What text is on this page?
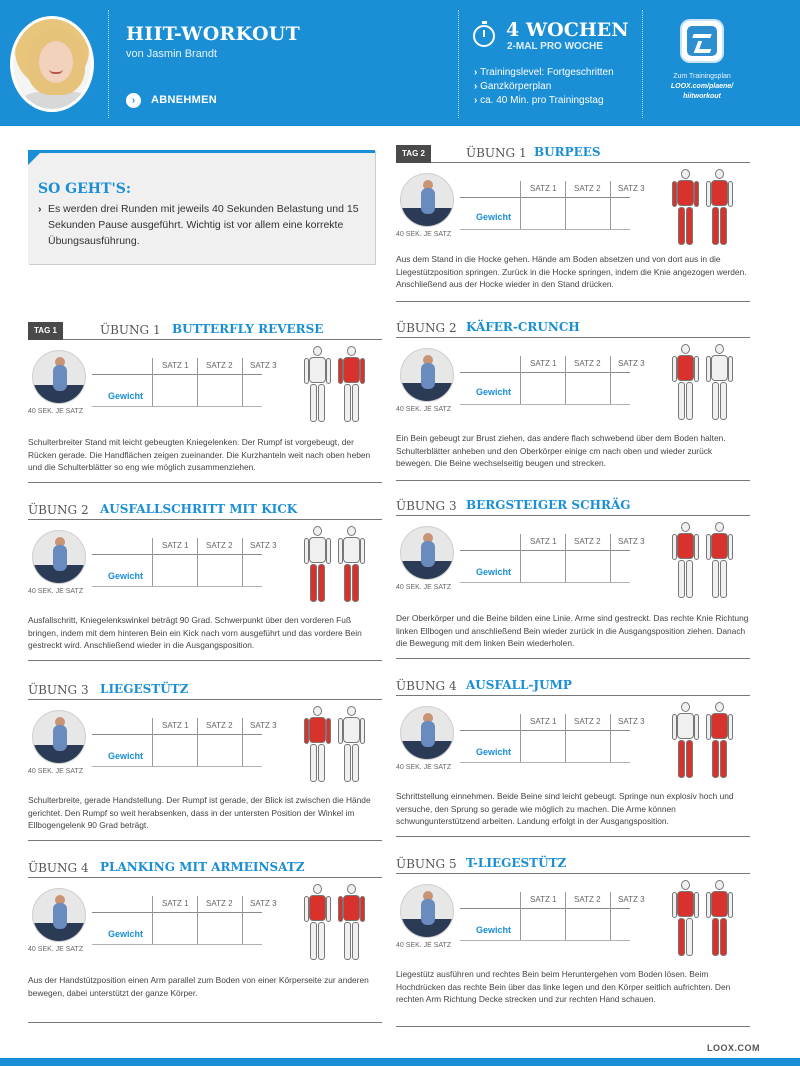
HIIT-WORKOUT
von Jasmin Brandt
›	ABNEHMEN
4 WOCHEN
2-MAL PRO WOCHE
› Trainingslevel: Fortgeschritten
› Ganzkörperplan
› ca. 40 Min. pro Trainingstag
Zum Trainingsplan
LOOX.com/plaene/
hiitworkout
SO GEHT'S:

› Es werden drei Runden mit jeweils 40 Sekunden Belastung und 15 Sekunden Pause ausgeführt. Wichtig ist vor allem eine korrekte Übungsausführung.

TAG 1	ÜBUNG 1 BUTTERFLY REVERSE
40 SEK. JE SATZ
SATZ 1 SATZ 2 SATZ 3
Gewicht
Schulterbreiter Stand mit leicht gebeugten Kniegelenken. Der Rumpf ist vorgebeugt, der Rücken gerade. Die Handflächen zeigen zueinander. Die Kurzhanteln weit nach oben heben und die Schulterblätter so eng wie möglich zusammenziehen.
ÜBUNG 2 AUSFALLSCHRITT MIT KICK
40 SEK. JE SATZ
SATZ 1 SATZ 2 SATZ 3
Gewicht
Ausfallschritt, Kniegelenkswinkel beträgt 90 Grad. Schwerpunkt über den vorderen Fuß bringen, indem mit dem hinteren Bein ein Kick nach vorn ausgeführt und das vordere Bein gestreckt wird. Anschließend wieder in die Ausgangsposition.
ÜBUNG 3 LIEGESTÜTZ
40 SEK. JE SATZ
SATZ 1 SATZ 2 SATZ 3
Gewicht
Schulterbreite, gerade Handstellung. Der Rumpf ist gerade, der Blick ist zwischen die Hände gerichtet. Den Rumpf so weit herabsenken, dass in der untersten Position der Winkel im Ellbogengelenk 90 Grad beträgt.
ÜBUNG 4 PLANKING MIT ARMEINSATZ
40 SEK. JE SATZ
SATZ 1 SATZ 2 SATZ 3
Gewicht
Aus der Handstützposition einen Arm parallel zum Boden von einer Körperseite zur anderen bewegen, dabei unterstützt der ganze Körper.
TAG 2	ÜBUNG 1 BURPEES
40 SEK. JE SATZ
SATZ 1 SATZ 2 SATZ 3
Gewicht
Aus dem Stand in die Hocke gehen. Hände am Boden absetzen und von dort aus in die Liegestützposition springen. Zurück in die Hocke springen, indem die Knie angezogen werden. Anschließend aus der Hocke wieder in den Stand drücken.
ÜBUNG 2 KÄFER-CRUNCH
40 SEK. JE SATZ
SATZ 1 SATZ 2 SATZ 3
Gewicht
Ein Bein gebeugt zur Brust ziehen, das andere flach schwebend über dem Boden halten. Schulterblätter anheben und den Oberkörper einige cm nach oben und wieder zurück bewegen. Die Beine wechselseitig beugen und strecken.
ÜBUNG 3 BERGSTEIGER SCHRÄG
40 SEK. JE SATZ
SATZ 1 SATZ 2 SATZ 3
Gewicht
Der Oberkörper und die Beine bilden eine Linie. Arme sind gestreckt. Das rechte Knie Richtung linken Ellbogen und anschließend Bein wieder zurück in die Ausgangsposition ziehen. Danach die Bewegung mit dem linken Bein wiederholen.
ÜBUNG 4 AUSFALL-JUMP
40 SEK. JE SATZ
SATZ 1 SATZ 2 SATZ 3
Gewicht
Schrittstellung einnehmen. Beide Beine sind leicht gebeugt. Springe nun explosiv hoch und versuche, den Sprung so gerade wie möglich zu machen. Die Arme können schwungunterstützend arbeiten. Landung erfolgt in der Ausgangsposition.
ÜBUNG 5 T-LIEGESTÜTZ
40 SEK. JE SATZ
SATZ 1 SATZ 2 SATZ 3
Gewicht
Liegestütz ausführen und rechtes Bein beim Heruntergehen vom Boden lösen. Beim Hochdrücken das rechte Bein über das linke legen und den Körper seitlich aufrichten. Den rechten Arm Richtung Decke strecken und zur rechten Hand schauen.
LOOX.COM
